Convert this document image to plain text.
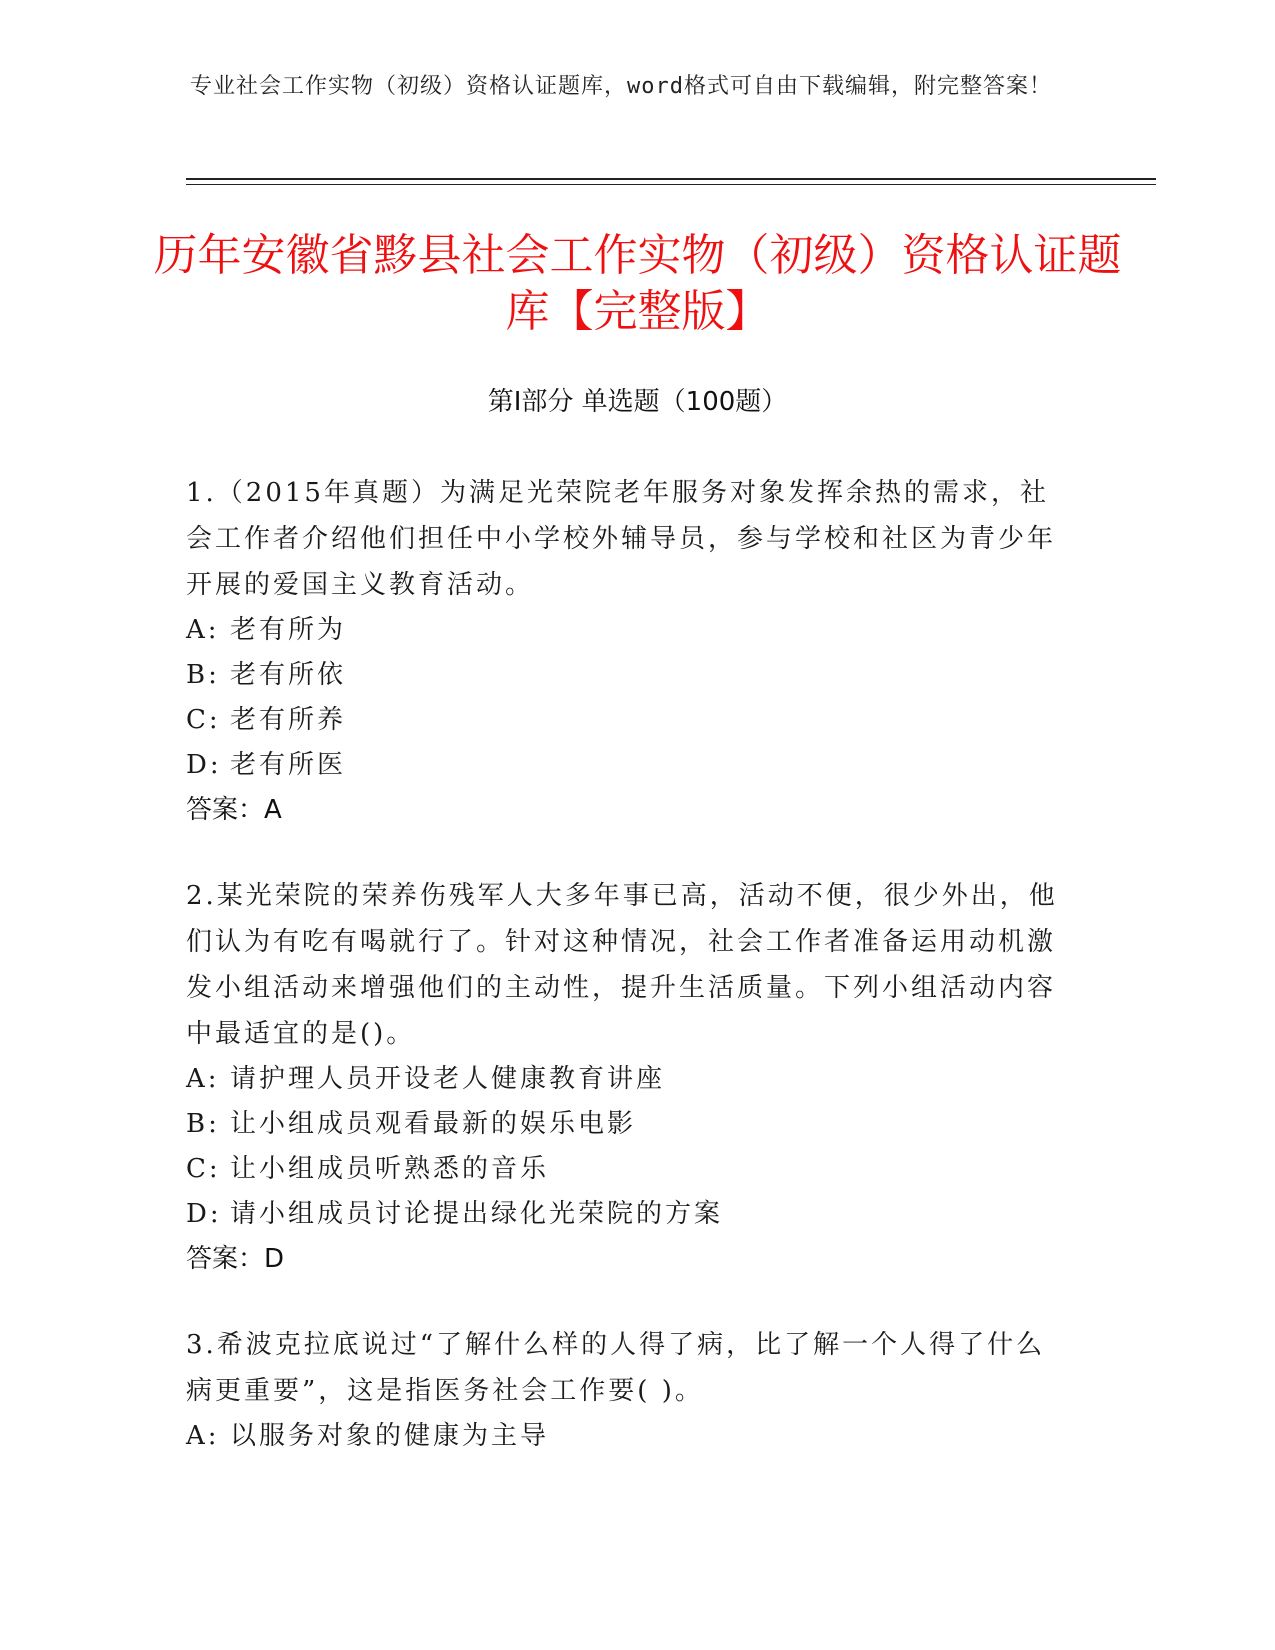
专业社会工作实物（初级）资格认证题库，word格式可自由下载编辑，附完整答案！
历年安徽省黟县社会工作实物（初级）资格认证题库【完整版】
第Ⅰ部分 单选题（100题）

1.（2015年真题）为满足光荣院老年服务对象发挥余热的需求，社会工作者介绍他们担任中小学校外辅导员，参与学校和社区为青少年开展的爱国主义教育活动。

A: 老有所为
B: 老有所依
C: 老有所养
D: 老有所医
答案：A

2.某光荣院的荣养伤残军人大多年事已高，活动不便，很少外出，他们认为有吃有喝就行了。针对这种情况，社会工作者准备运用动机激发小组活动来增强他们的主动性，提升生活质量。下列小组活动内容中最适宜的是()。

A: 请护理人员开设老人健康教育讲座
B: 让小组成员观看最新的娱乐电影
C: 让小组成员听熟悉的音乐
D: 请小组成员讨论提出绿化光荣院的方案
答案：D

3.希波克拉底说过“了解什么样的人得了病，比了解一个人得了什么病更重要”，这是指医务社会工作要( )。

A: 以服务对象的健康为主导
